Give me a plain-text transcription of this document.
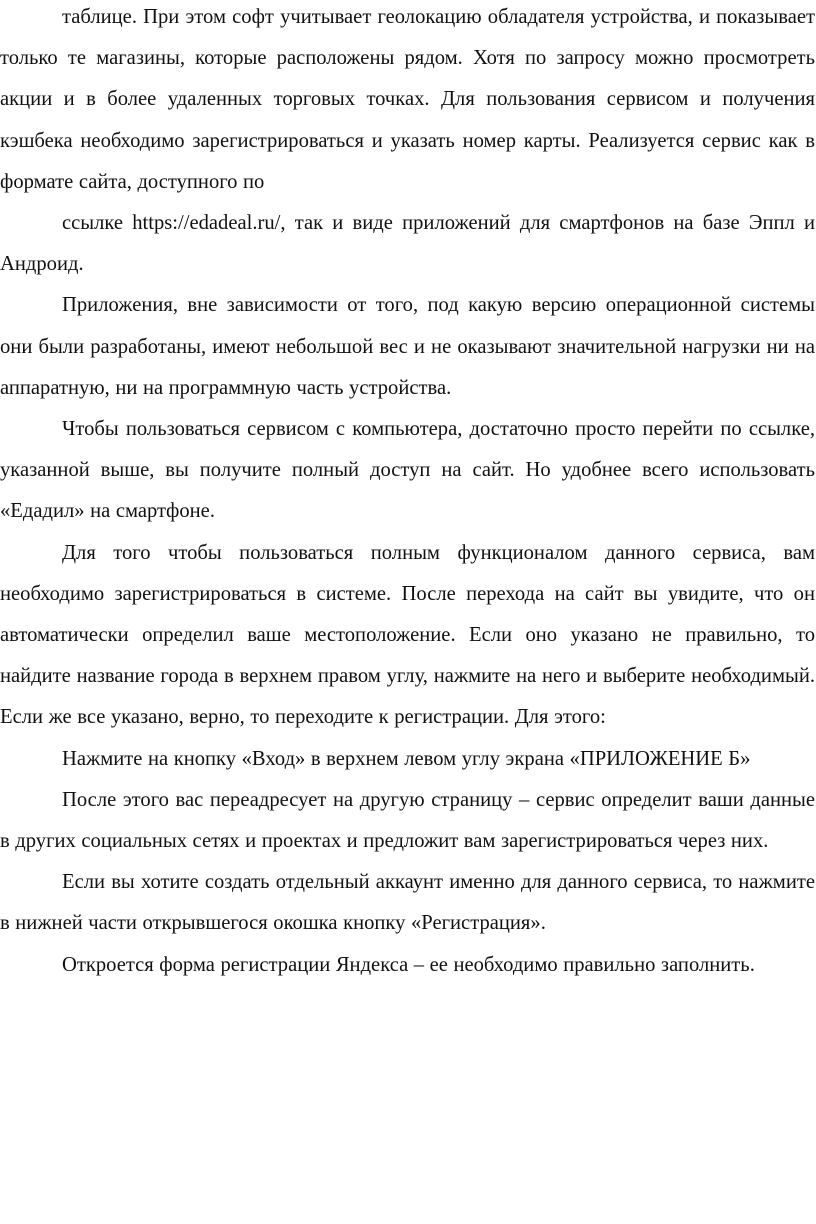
таблице. При этом софт учитывает геолокацию обладателя устройства, и показывает только те магазины, которые расположены рядом. Хотя по запросу можно просмотреть акции и в более удаленных торговых точках. Для пользования сервисом и получения кэшбека необходимо зарегистрироваться и указать номер карты. Реализуется сервис как в формате сайта, доступного по

ссылке https://edadeal.ru/, так и виде приложений для смартфонов на базе Эппл и Андроид.

Приложения, вне зависимости от того, под какую версию операционной системы они были разработаны, имеют небольшой вес и не оказывают значительной нагрузки ни на аппаратную, ни на программную часть устройства.

Чтобы пользоваться сервисом с компьютера, достаточно просто перейти по ссылке, указанной выше, вы получите полный доступ на сайт. Но удобнее всего использовать «Едадил» на смартфоне.

Для того чтобы пользоваться полным функционалом данного сервиса, вам необходимо зарегистрироваться в системе. После перехода на сайт вы увидите, что он автоматически определил ваше местоположение. Если оно указано не правильно, то найдите название города в верхнем правом углу, нажмите на него и выберите необходимый. Если же все указано, верно, то переходите к регистрации. Для этого:

Нажмите на кнопку «Вход» в верхнем левом углу экрана «ПРИЛОЖЕНИЕ Б»

После этого вас переадресует на другую страницу – сервис определит ваши данные в других социальных сетях и проектах и предложит вам зарегистрироваться через них.

Если вы хотите создать отдельный аккаунт именно для данного сервиса, то нажмите в нижней части открывшегося окошка кнопку «Регистрация».

Откроется форма регистрации Яндекса – ее необходимо правильно заполнить.
